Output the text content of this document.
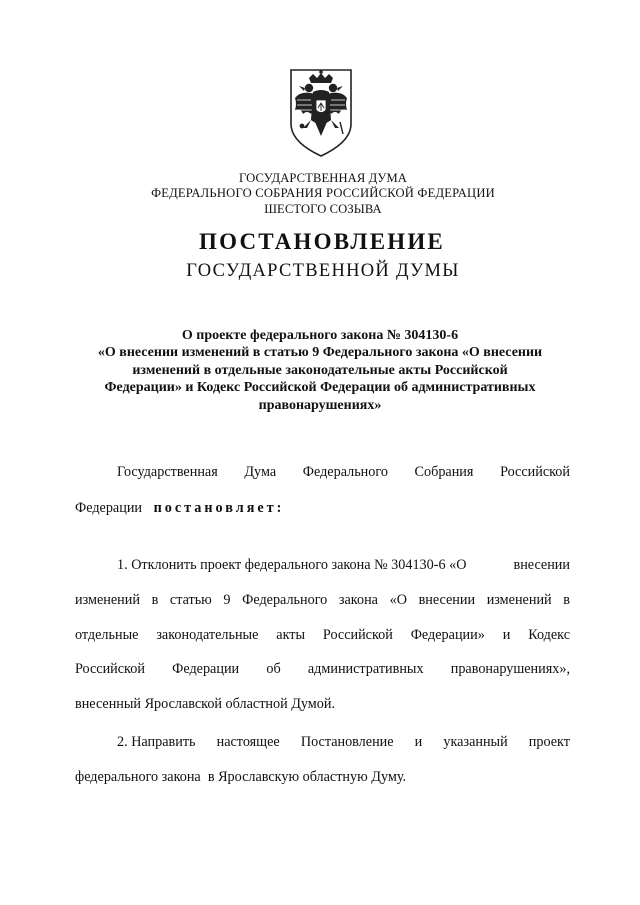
ГОСУДАРСТВЕННАЯ ДУМА
ФЕДЕРАЛЬНОГО СОБРАНИЯ РОССИЙСКОЙ ФЕДЕРАЦИИ
ШЕСТОГО СОЗЫВА
ПОСТАНОВЛЕНИЕ
ГОСУДАРСТВЕННОЙ ДУМЫ
О проекте федерального закона № 304130-6
«О внесении изменений в статью 9 Федерального закона «О внесении
изменений в отдельные законодательные акты Российской
Федерации» и Кодекс Российской Федерации об административных
правонарушениях»
Государственная Дума Федерального Собрания Российской
Федерации постановляет:
1. Отклонить проект федерального закона № 304130-6 «О	внесении
изменений в статью 9 Федерального закона «О внесении изменений в
отдельные законодательные акты Российской Федерации» и Кодекс
Российской Федерации об административных правонарушениях»,
внесенный Ярославской областной Думой.
2. Направить настоящее Постановление и указанный проект
федерального закона  в Ярославскую областную Думу.
